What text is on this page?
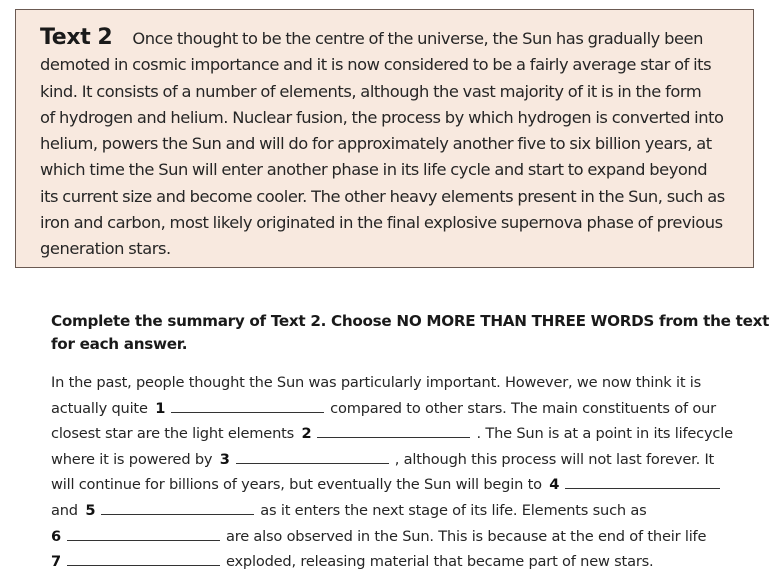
Text 2 Once thought to be the centre of the universe, the Sun has gradually been
demoted in cosmic importance and it is now considered to be a fairly average star of its
kind. It consists of a number of elements, although the vast majority of it is in the form
of hydrogen and helium. Nuclear fusion, the process by which hydrogen is converted into
helium, powers the Sun and will do for approximately another five to six billion years, at
which time the Sun will enter another phase in its life cycle and start to expand beyond
its current size and become cooler. The other heavy elements present in the Sun, such as
iron and carbon, most likely originated in the final explosive supernova phase of previous
generation stars.

Complete the summary of Text 2. Choose NO MORE THAN THREE WORDS from the text
for each answer.
In the past, people thought the Sun was particularly important. However, we now think it is
actually quite 1	compared to other stars. The main constituents of our
closest star are the light elements 2	. The Sun is at a point in its lifecycle
where it is powered by 3	, although this process will not last forever. It
will continue for billions of years, but eventually the Sun will begin to 4
and 5	as it enters the next stage of its life. Elements such as
6	are also observed in the Sun. This is because at the end of their life
7	exploded, releasing material that became part of new stars.
